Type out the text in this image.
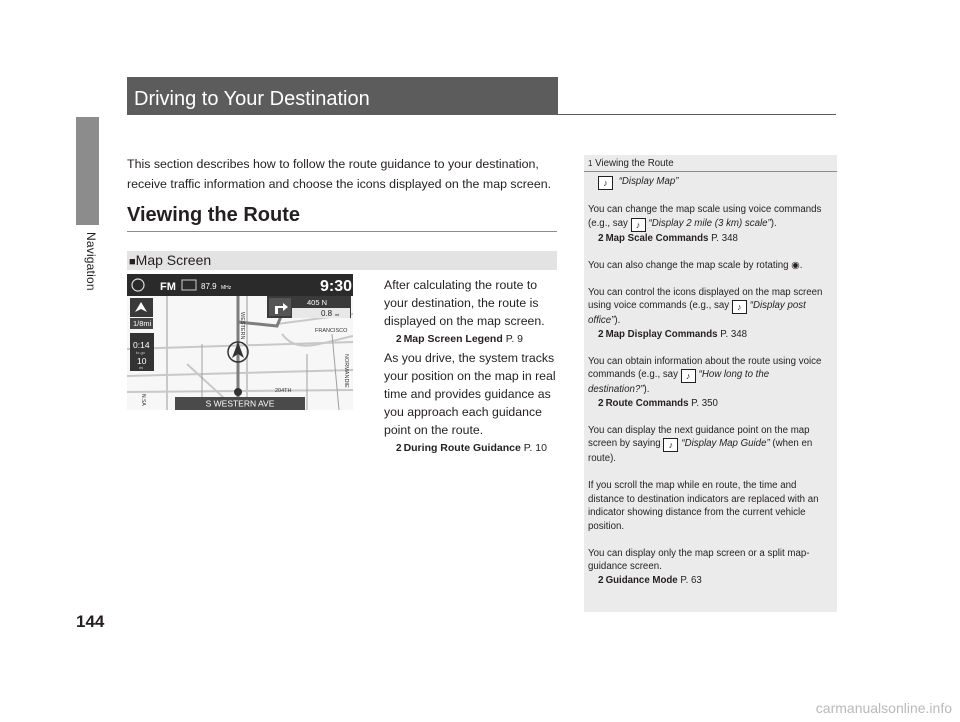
Navigation
144
Driving to Your Destination
This section describes how to follow the route guidance to your destination, receive traffic information and choose the icons displayed on the map screen.
Viewing the Route
■Map Screen
FM	87.9 MHz	9:30
1/8mi
0:14
to go
10
mi
405 N
0.8 mi
FRANCISCO
WESTERN
NORMANDIE
204TH
N.SA	S WESTERN AVE
After calculating the route to your destination, the route is displayed on the map screen.
2 Map Screen Legend P. 9
As you drive, the system tracks your position on the map in real time and provides guidance as you approach each guidance point on the route.
2 During Route Guidance P. 10
1 Viewing the Route

♪ “Display Map”

You can change the map scale using voice commands (e.g., say ♪ “Display 2 mile (3 km) scale”).
2 Map Scale Commands P. 348

You can also change the map scale by rotating ◉.

You can control the icons displayed on the map screen using voice commands (e.g., say ♪ “Display post office”).
2 Map Display Commands P. 348

You can obtain information about the route using voice commands (e.g., say ♪ “How long to the destination?”).
2 Route Commands P. 350

You can display the next guidance point on the map screen by saying ♪ “Display Map Guide” (when en route).

If you scroll the map while en route, the time and distance to destination indicators are replaced with an indicator showing distance from the current vehicle position.

You can display only the map screen or a split map-guidance screen.
2 Guidance Mode P. 63

carmanualsonline.info
